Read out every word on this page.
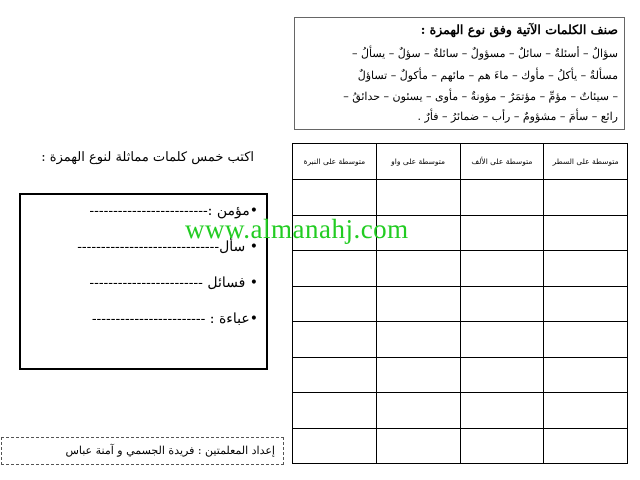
صنف الكلمات الآتية وفق نوع الهمزة :
سؤالٌ – أسئلةٌ – سائلٌ – مسؤولٌ – سائلةٌ – سؤلٌ – يسألُ –
مسألةٌ – يأكلُ – مأوك – ماءَ هم – مائهم – مأكولٌ – تساؤلٌ
– سيئاتٌ – مؤمِّ – مؤتمَرٌ – مؤونةٌ – مأوى – يسئون – حدائقُ –
رائع – سأمَ – مشؤومٌ – رأب – ضمائرُ – فأرٌ .
متوسطة على النبرة	متوسطة على واو	متوسطة على الألف	متوسطة على السطر

اكتب خمس كلمات مماثلة لنوع الهمزة :
•مؤمن :-------------------------
• سأل------------------------------
• فسائل ------------------------
•عباءة : ------------------------
www.almanahj.com
إعداد المعلمتين : فريدة الجسمي و آمنة عباس
